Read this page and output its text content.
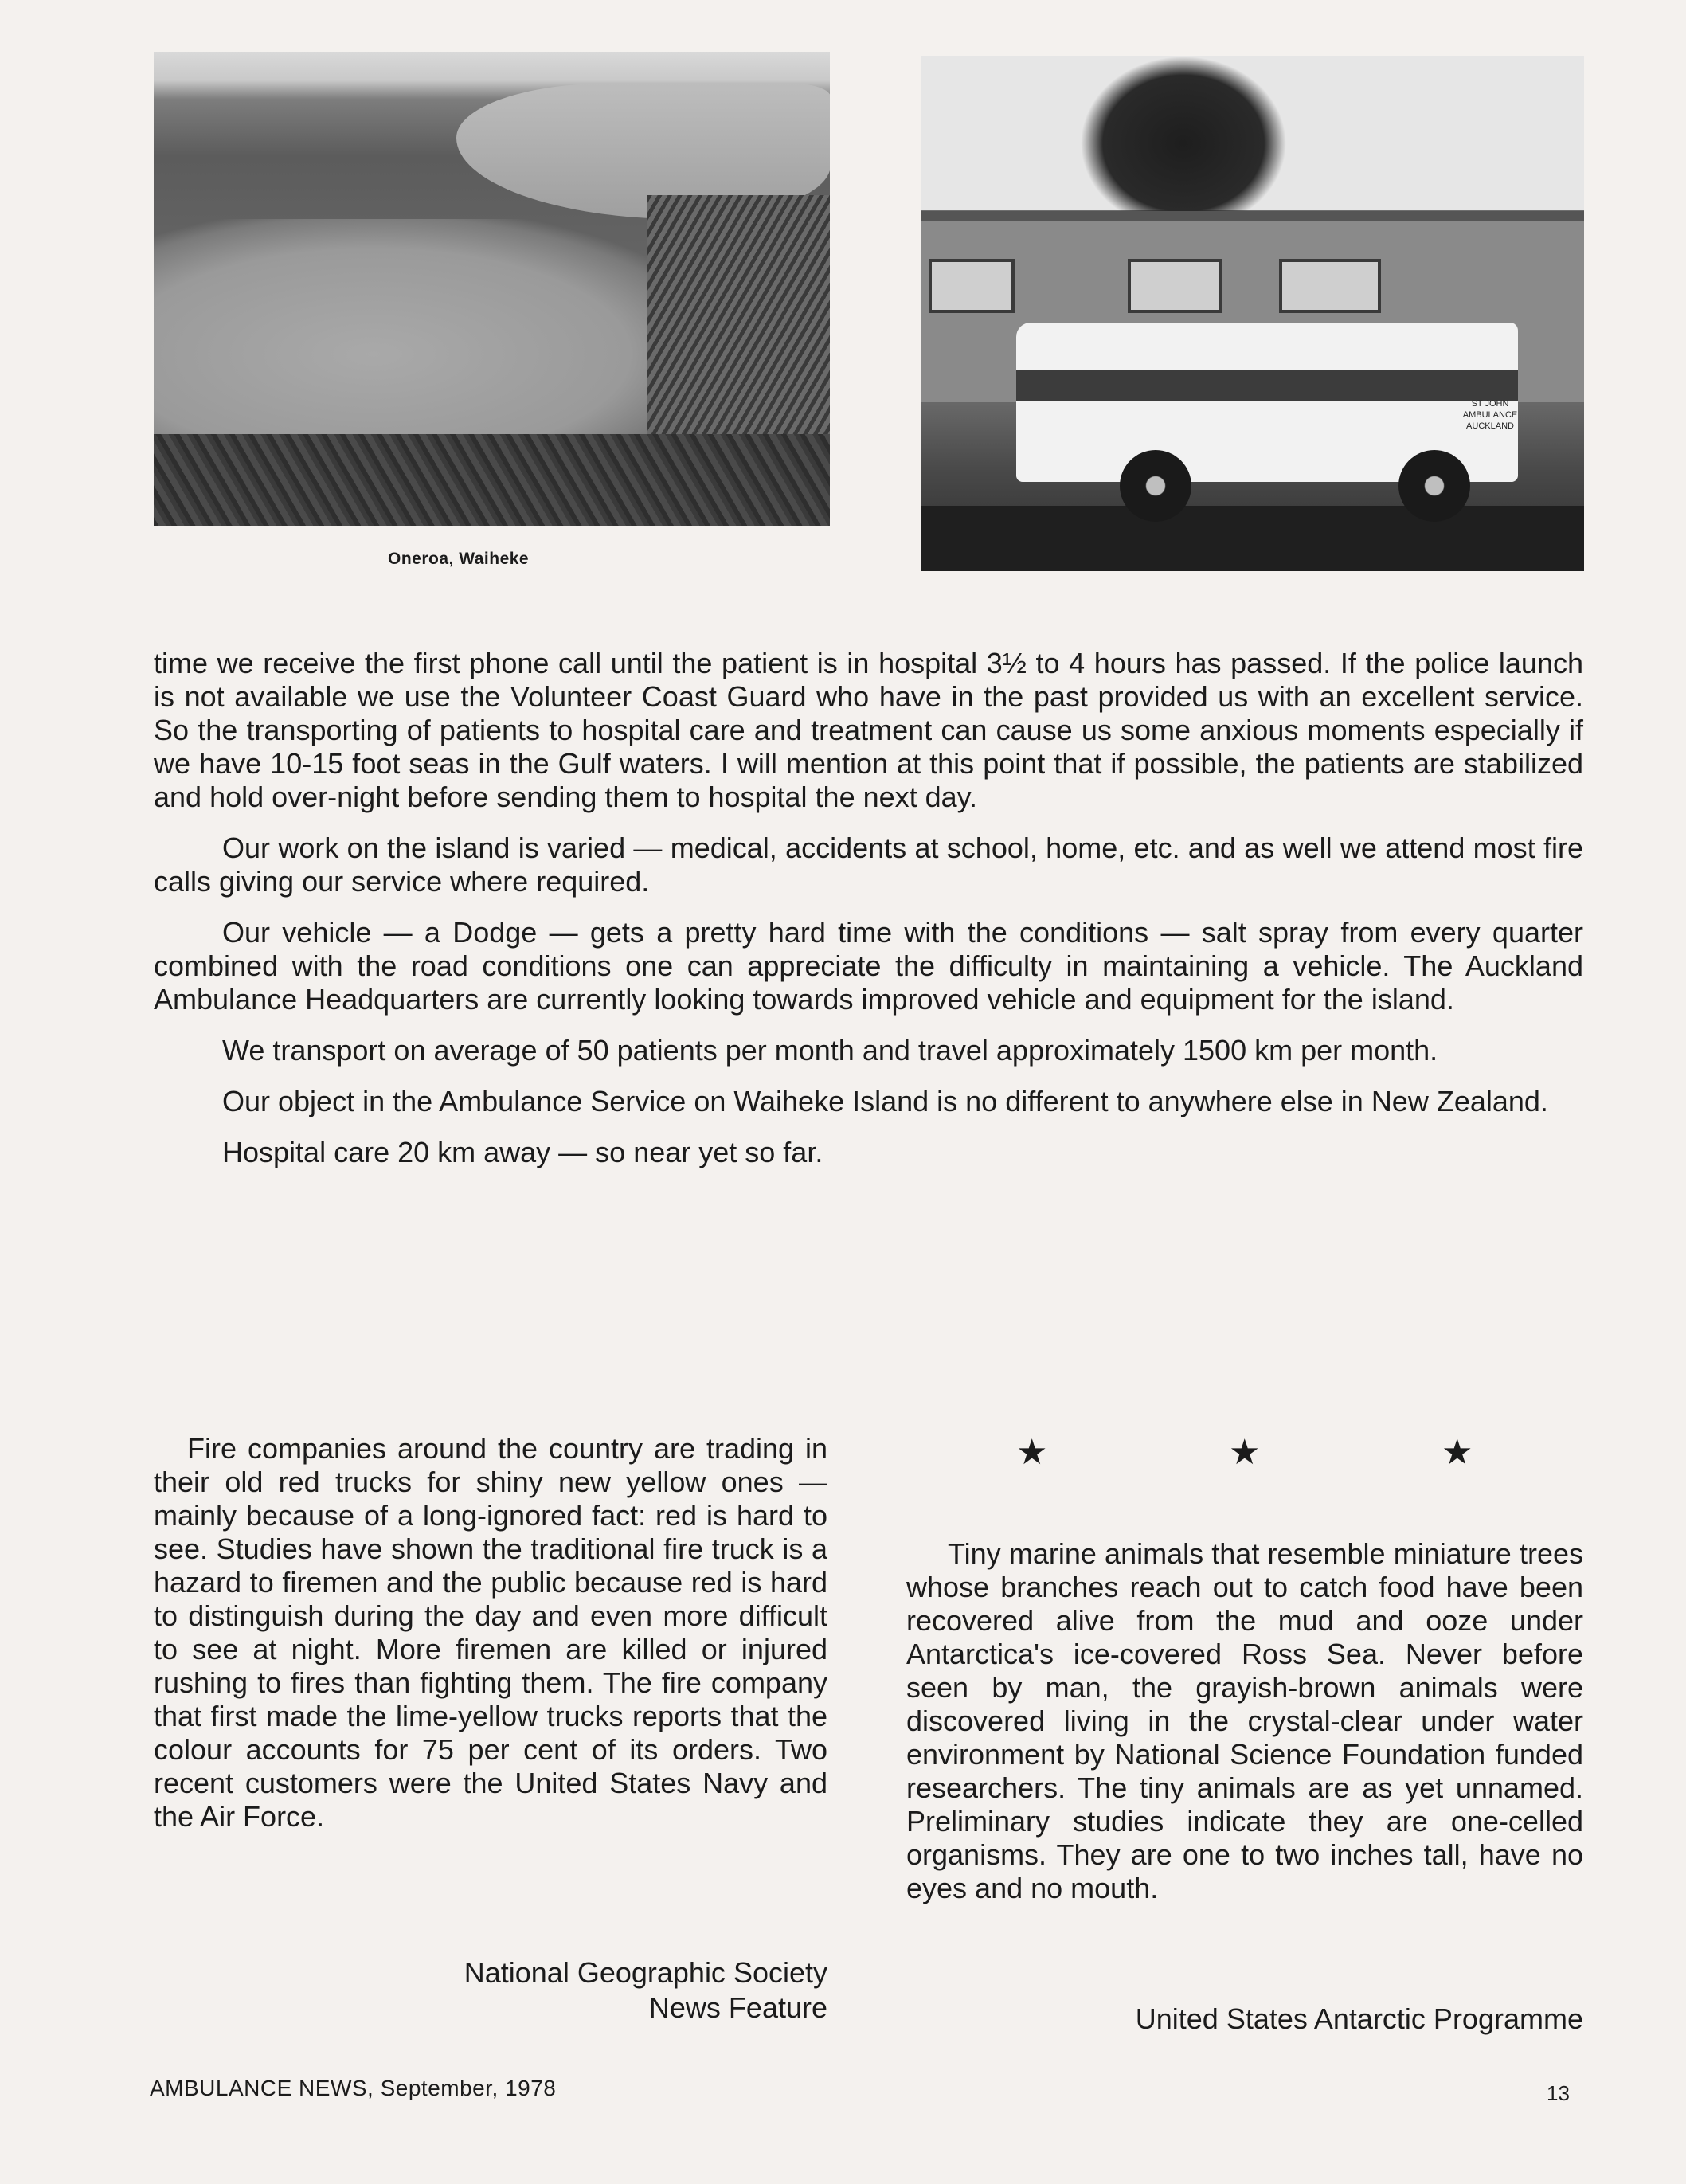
Oneroa, Waiheke
ST JOHN
AMBULANCE
AUCKLAND

time we receive the first phone call until the patient is in hospital 3½ to 4 hours has passed. If the police launch is not available we use the Volunteer Coast Guard who have in the past provided us with an excellent service. So the transporting of patients to hospital care and treatment can cause us some anxious moments especially if we have 10-15 foot seas in the Gulf waters. I will mention at this point that if possible, the patients are stabilized and hold over-night before sending them to hospital the next day.

Our work on the island is varied — medical, accidents at school, home, etc. and as well we attend most fire calls giving our service where required.

Our vehicle — a Dodge — gets a pretty hard time with the conditions — salt spray from every quarter combined with the road conditions one can appreciate the difficulty in maintaining a vehicle. The Auckland Ambulance Headquarters are currently looking towards improved vehicle and equipment for the island.

We transport on average of 50 patients per month and travel approximately 1500 km per month.

Our object in the Ambulance Service on Waiheke Island is no different to anywhere else in New Zealand.

Hospital care 20 km away — so near yet so far.

Fire companies around the country are trading in their old red trucks for shiny new yellow ones — mainly because of a long-ignored fact: red is hard to see. Studies have shown the traditional fire truck is a hazard to firemen and the public because red is hard to distinguish during the day and even more difficult to see at night. More firemen are killed or injured rushing to fires than fighting them. The fire company that first made the lime-yellow trucks reports that the colour accounts for 75 per cent of its orders. Two recent customers were the United States Navy and the Air Force.

National Geographic Society
News Feature
★	★	★

Tiny marine animals that resemble miniature trees whose branches reach out to catch food have been recovered alive from the mud and ooze under Antarctica's ice-covered Ross Sea. Never before seen by man, the grayish-brown animals were discovered living in the crystal-clear under water environment by National Science Foundation funded researchers. The tiny animals are as yet unnamed. Preliminary studies indicate they are one-celled organisms. They are one to two inches tall, have no eyes and no mouth.

United States Antarctic Programme
AMBULANCE NEWS, September, 1978	13
